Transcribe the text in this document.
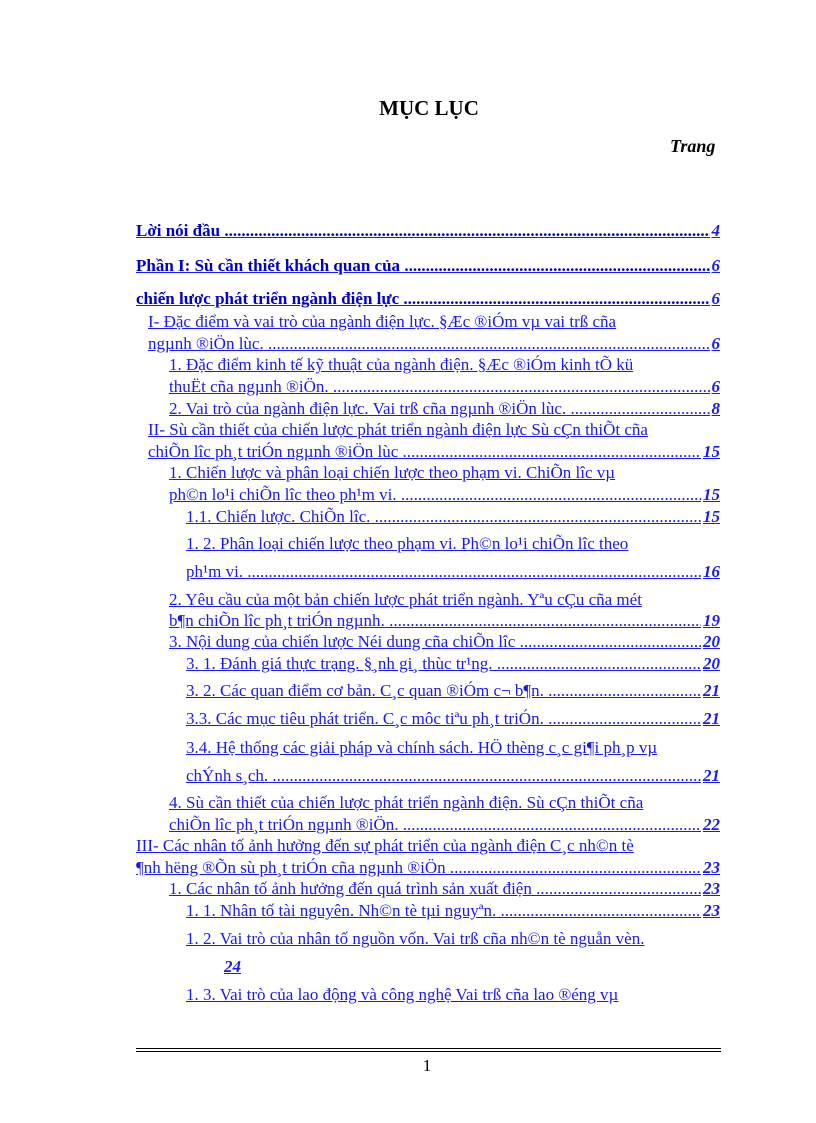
MỤC LỤC
Trang
Lời nói đầu .....	4
Phần I: Sù cần thiết khách quan của .....	6
chiến lược phát triển ngành điện lực .....	6
I- Đặc điểm và vai trò của ngành điện lực. §Æc ®iÓm vµ vai trß cña
ngµnh ®iÖn lùc. .....	6
1. Đặc điểm kinh tế kỹ thuật của ngành điện. §Æc ®iÓm kinh tÕ kü
thuËt cña ngµnh ®iÖn. .....	6
2. Vai trò của ngành điện lực. Vai trß cña ngµnh ®iÖn lùc. .....	8
II- Sù cần thiết của chiến lược phát triển ngành điện lực Sù cÇn thiÕt cña
chiÕn lîc ph¸t triÓn ngµnh ®iÖn lùc .....	15
1. Chiến lược và phân loại chiến lược theo phạm vi. ChiÕn lîc vµ
ph©n lo¹i chiÕn lîc theo ph¹m vi. .....	15
1.1. Chiến lược. ChiÕn lîc. .....	15
1. 2. Phân loại chiến lược theo phạm vi. Ph©n lo¹i chiÕn lîc theo
ph¹m vi. .....	16
2. Yêu cầu của một bản chiến lược phát triển ngành. Yªu cÇu cña mét
b¶n chiÕn lîc ph¸t triÓn ngµnh. .....	19
3. Nội dung của chiến lược Néi dung cña chiÕn lîc .....	20
3. 1. Đánh giá thực trạng. §¸nh gi¸ thùc tr¹ng. .....	20
3. 2. Các quan điểm cơ bản. C¸c quan ®iÓm c¬ b¶n. .....	21
3.3. Các mục tiêu phát triển. C¸c môc tiªu ph¸t triÓn. .....	21
3.4. Hệ thống các giải pháp và chính sách. HÖ thèng c¸c gi¶i ph¸p vµ
chÝnh s¸ch. .....	21
4. Sù cần thiết của chiến lược phát triển ngành điện. Sù cÇn thiÕt cña
chiÕn lîc ph¸t triÓn ngµnh ®iÖn. .....	22
III- Các nhân tố ảnh hưởng đến sự phát triển của ngành điện C¸c nh©n tè
¶nh hëng ®Õn sù ph¸t triÓn cña ngµnh ®iÖn .....	23
1. Các nhân tố ảnh hưởng đến quá trình sản xuất điện .....	23
1. 1. Nhân tố tài nguyên. Nh©n tè tµi nguyªn. .....	23
1. 2. Vai trò của nhân tố nguồn vốn. Vai trß cña nh©n tè nguån vèn.
24
1. 3. Vai trò của lao động và công nghệ Vai trß cña lao ®éng vµ
1
